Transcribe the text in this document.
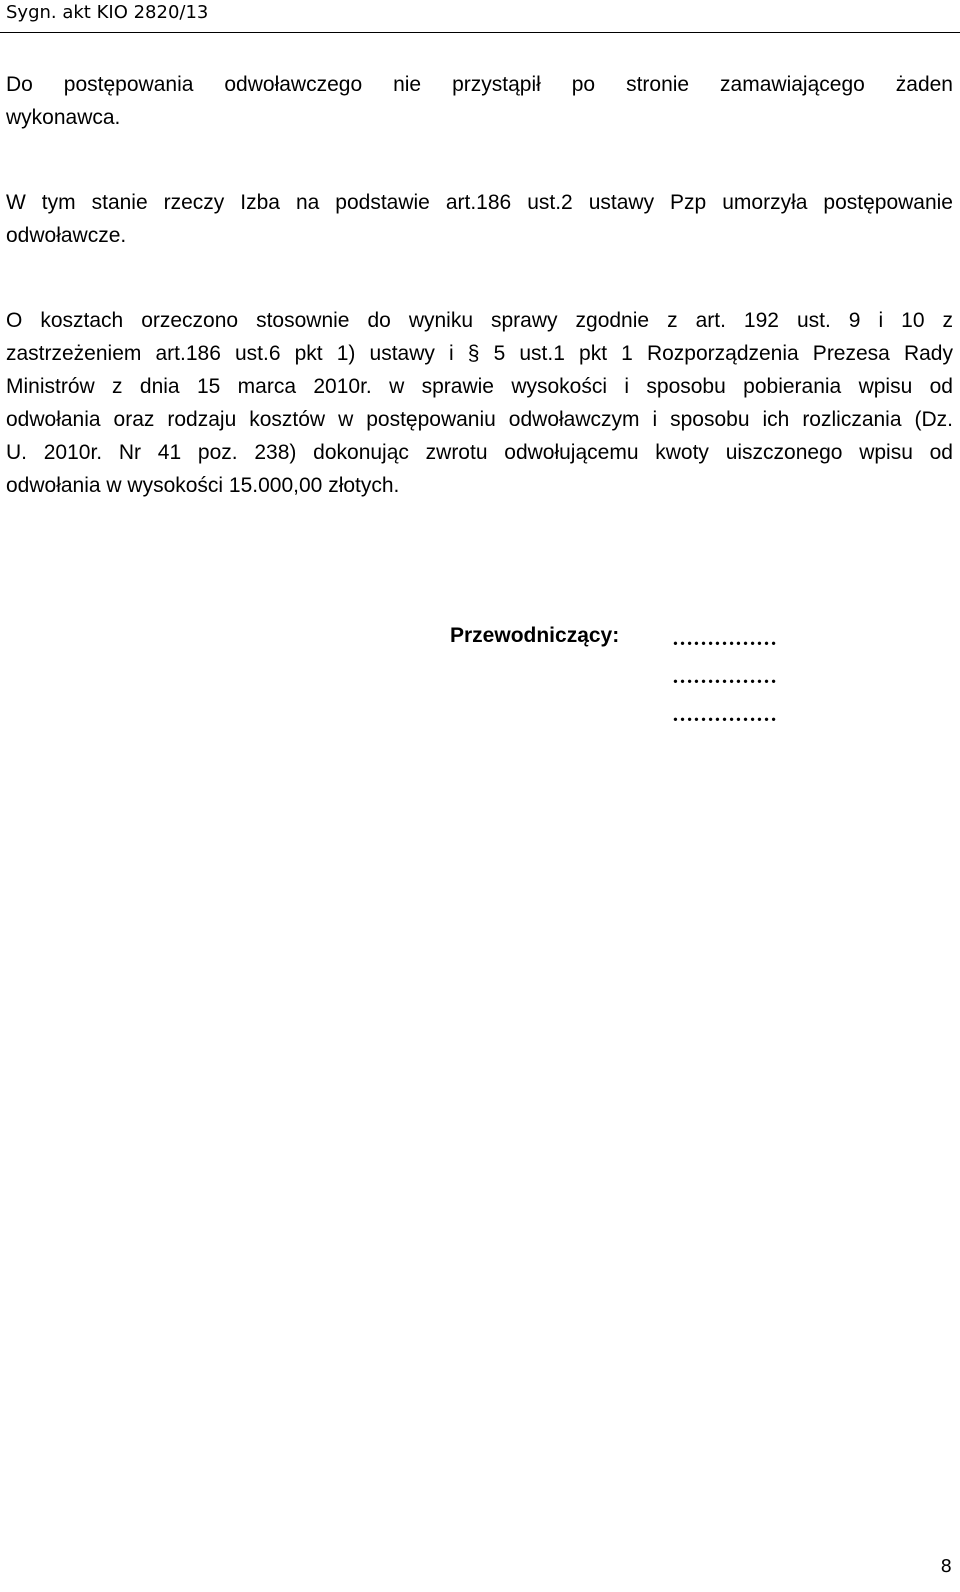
Sygn. akt KIO 2820/13
Do postępowania odwoławczego nie przystąpił po stronie zamawiającego żaden
wykonawca.
W tym stanie rzeczy Izba na podstawie art.186 ust.2 ustawy Pzp umorzyła postępowanie
odwoławcze.
O kosztach orzeczono stosownie do wyniku sprawy zgodnie z art. 192 ust. 9 i 10 z
zastrzeżeniem art.186 ust.6 pkt 1) ustawy i § 5 ust.1 pkt 1 Rozporządzenia Prezesa Rady
Ministrów z dnia 15 marca 2010r. w sprawie wysokości i sposobu pobierania wpisu od
odwołania oraz rodzaju kosztów w postępowaniu odwoławczym i sposobu ich rozliczania (Dz.
U. 2010r. Nr 41 poz. 238) dokonując zwrotu odwołującemu kwoty uiszczonego wpisu od
odwołania w wysokości 15.000,00 złotych.
Przewodniczący:	……………
……………
……………
8
